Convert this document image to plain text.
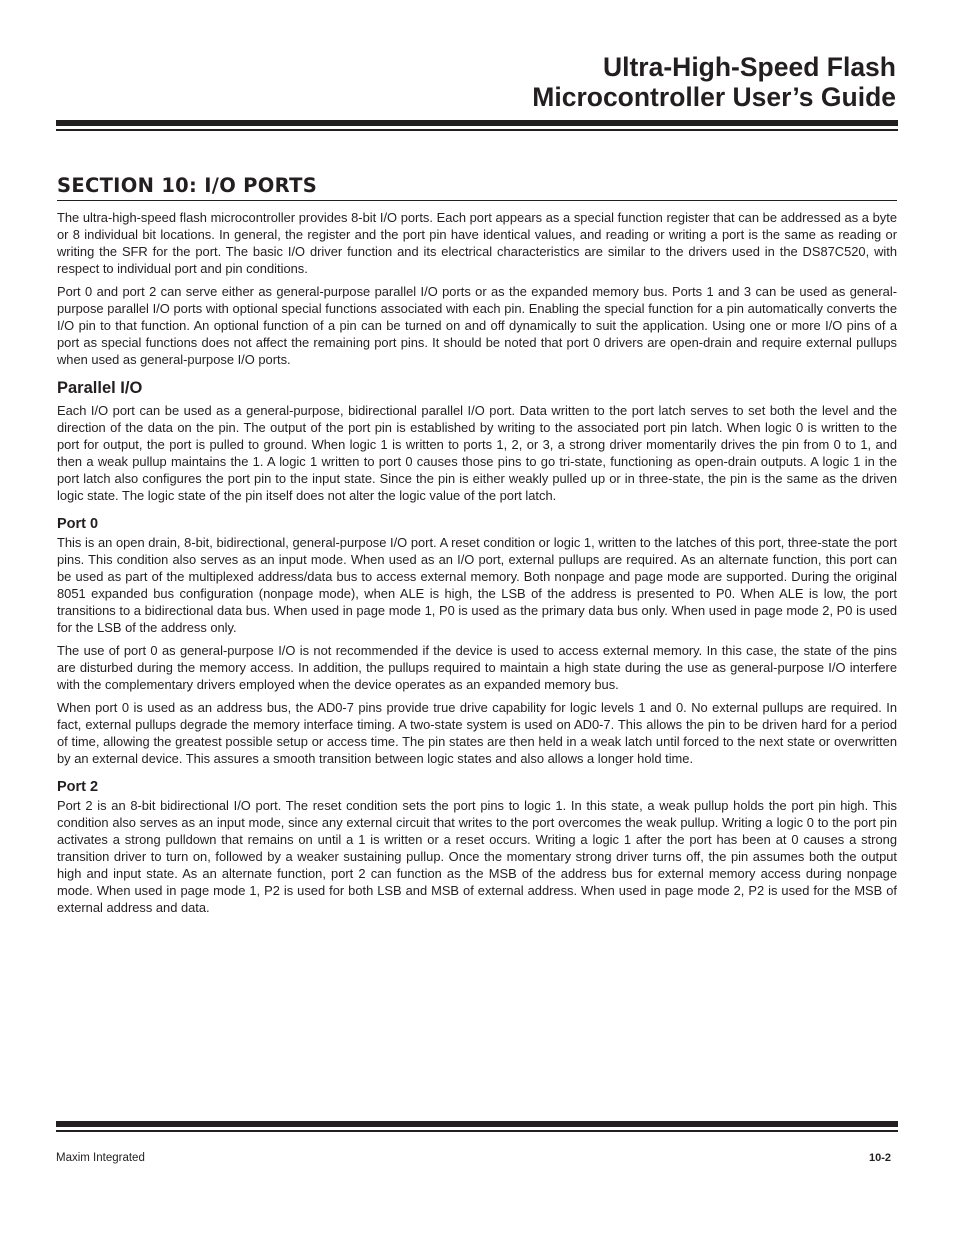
Ultra-High-Speed Flash
Microcontroller User’s Guide
SECTION 10: I/O PORTS

The ultra-high-speed flash microcontroller provides 8-bit I/O ports. Each port appears as a special function register that can be addressed as a byte or 8 individual bit locations. In general, the register and the port pin have identical values, and reading or writing a port is the same as reading or writing the SFR for the port. The basic I/O driver function and its electrical characteristics are similar to the drivers used in the DS87C520, with respect to individual port and pin conditions.

Port 0 and port 2 can serve either as general-purpose parallel I/O ports or as the expanded memory bus. Ports 1 and 3 can be used as general-purpose parallel I/O ports with optional special functions associated with each pin. Enabling the special function for a pin automatically converts the I/O pin to that function. An optional function of a pin can be turned on and off dynamically to suit the application. Using one or more I/O pins of a port as special functions does not affect the remaining port pins. It should be noted that port 0 drivers are open-drain and require external pullups when used as general-purpose I/O ports.

Parallel I/O

Each I/O port can be used as a general-purpose, bidirectional parallel I/O port. Data written to the port latch serves to set both the level and the direction of the data on the pin. The output of the port pin is established by writing to the associated port pin latch. When logic 0 is written to the port for output, the port is pulled to ground. When logic 1 is written to ports 1, 2, or 3, a strong driver momentarily drives the pin from 0 to 1, and then a weak pullup maintains the 1. A logic 1 written to port 0 causes those pins to go tri-state, functioning as open-drain outputs. A logic 1 in the port latch also configures the port pin to the input state. Since the pin is either weakly pulled up or in three-state, the pin is the same as the driven logic state. The logic state of the pin itself does not alter the logic value of the port latch.

Port 0

This is an open drain, 8-bit, bidirectional, general-purpose I/O port. A reset condition or logic 1, written to the latches of this port, three-state the port pins. This condition also serves as an input mode. When used as an I/O port, external pullups are required. As an alternate function, this port can be used as part of the multiplexed address/data bus to access external memory. Both nonpage and page mode are supported. During the original 8051 expanded bus configuration (nonpage mode), when ALE is high, the LSB of the address is presented to P0. When ALE is low, the port transitions to a bidirectional data bus. When used in page mode 1, P0 is used as the primary data bus only. When used in page mode 2, P0 is used for the LSB of the address only.

The use of port 0 as general-purpose I/O is not recommended if the device is used to access external memory. In this case, the state of the pins are disturbed during the memory access. In addition, the pullups required to maintain a high state during the use as general-purpose I/O interfere with the complementary drivers employed when the device operates as an expanded memory bus.

When port 0 is used as an address bus, the AD0-7 pins provide true drive capability for logic levels 1 and 0. No external pullups are required. In fact, external pullups degrade the memory interface timing. A two-state system is used on AD0-7. This allows the pin to be driven hard for a period of time, allowing the greatest possible setup or access time. The pin states are then held in a weak latch until forced to the next state or overwritten by an external device. This assures a smooth transition between logic states and also allows a longer hold time.

Port 2

Port 2 is an 8-bit bidirectional I/O port. The reset condition sets the port pins to logic 1. In this state, a weak pullup holds the port pin high. This condition also serves as an input mode, since any external circuit that writes to the port overcomes the weak pullup. Writing a logic 0 to the port pin activates a strong pulldown that remains on until a 1 is written or a reset occurs. Writing a logic 1 after the port has been at 0 causes a strong transition driver to turn on, followed by a weaker sustaining pullup. Once the momentary strong driver turns off, the pin assumes both the output high and input state. As an alternate function, port 2 can function as the MSB of the address bus for external memory access during nonpage mode. When used in page mode 1, P2 is used for both LSB and MSB of external address. When used in page mode 2, P2 is used for the MSB of external address and data.

Maxim Integrated	10-2
